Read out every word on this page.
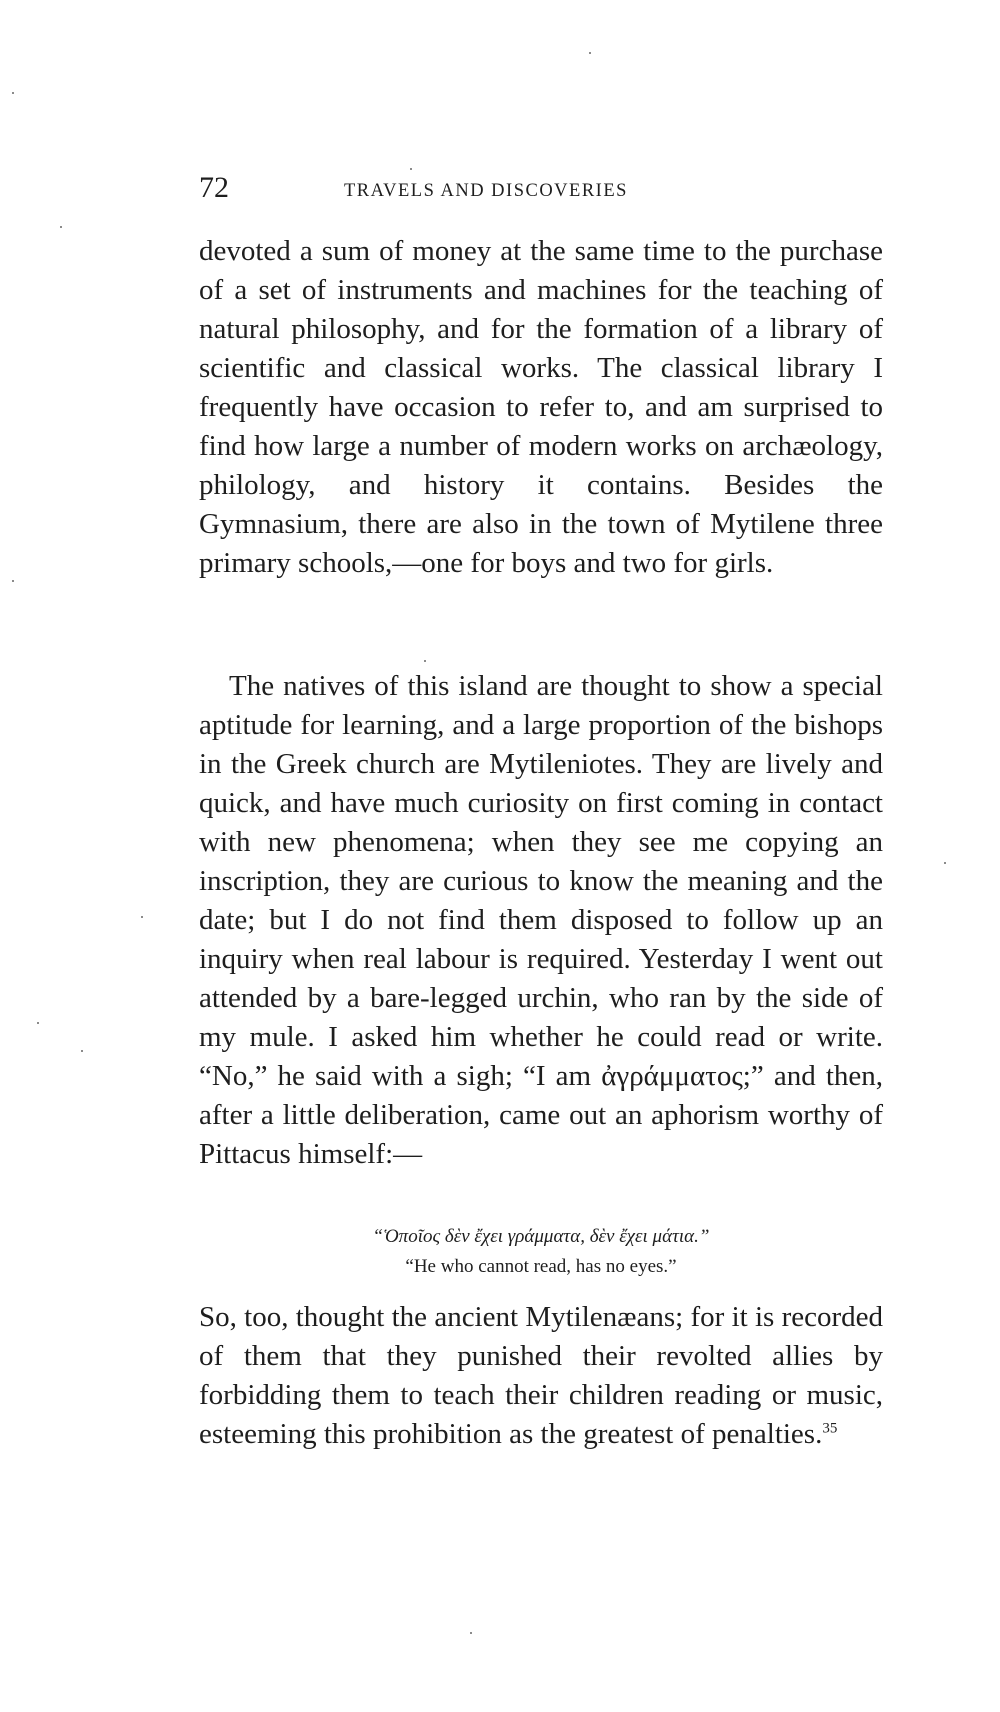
72	TRAVELS AND DISCOVERIES

devoted a sum of money at the same time to the purchase of a set of instruments and machines for the teaching of natural philosophy, and for the formation of a library of scientific and classical works. The classical library I frequently have occasion to refer to, and am surprised to find how large a number of modern works on archæology, philology, and history it contains. Besides the Gymnasium, there are also in the town of Mytilene three primary schools,—one for boys and two for girls.

The natives of this island are thought to show a special aptitude for learning, and a large proportion of the bishops in the Greek church are Mytileniotes. They are lively and quick, and have much curiosity on first coming in contact with new phenomena; when they see me copying an inscription, they are curious to know the meaning and the date; but I do not find them disposed to follow up an inquiry when real labour is required. Yesterday I went out attended by a bare-legged urchin, who ran by the side of my mule. I asked him whether he could read or write. “No,” he said with a sigh; “I am ἀγράμματος;” and then, after a little deliberation, came out an aphorism worthy of Pittacus himself:—

“Ὁποῖος δὲν ἔχει γράμματα, δὲν ἔχει μάτια.”
“He who cannot read, has no eyes.”

So, too, thought the ancient Mytilenæans; for it is recorded of them that they punished their revolted allies by forbidding them to teach their children reading or music, esteeming this prohibition as the greatest of penalties.$^{35}$
